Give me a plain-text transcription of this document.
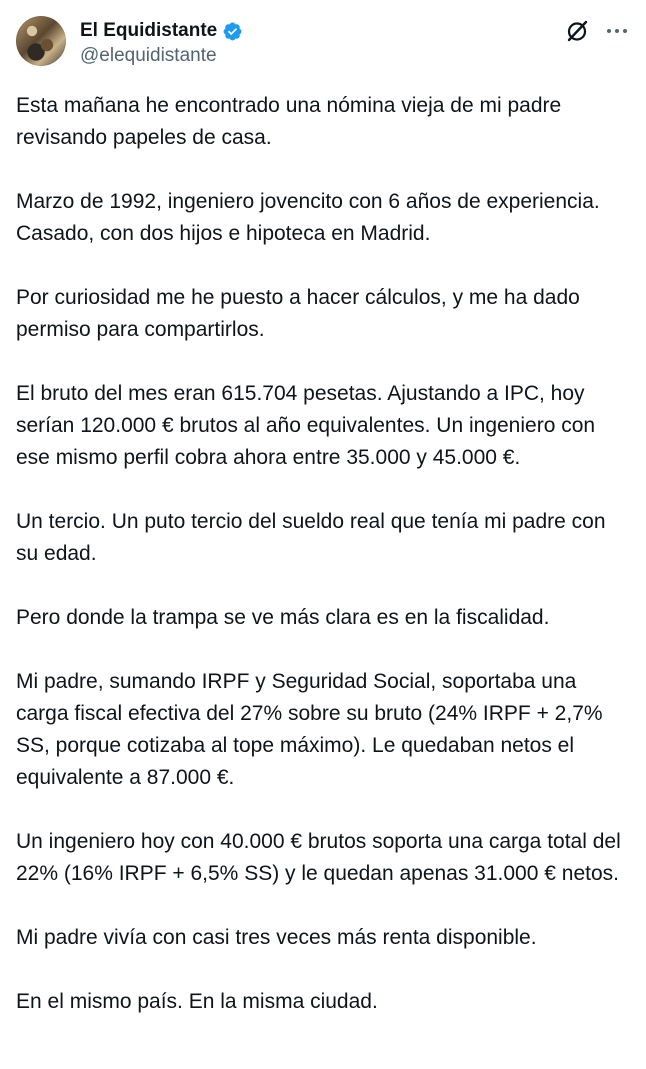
El Equidistante
@elequidistante

Esta mañana he encontrado una nómina vieja de mi padre revisando papeles de casa.

Marzo de 1992, ingeniero jovencito con 6 años de experiencia. Casado, con dos hijos e hipoteca en Madrid.

Por curiosidad me he puesto a hacer cálculos, y me ha dado permiso para compartirlos.

El bruto del mes eran 615.704 pesetas. Ajustando a IPC, hoy serían 120.000 € brutos al año equivalentes. Un ingeniero con ese mismo perfil cobra ahora entre 35.000 y 45.000 €.

Un tercio. Un puto tercio del sueldo real que tenía mi padre con su edad.

Pero donde la trampa se ve más clara es en la fiscalidad.

Mi padre, sumando IRPF y Seguridad Social, soportaba una carga fiscal efectiva del 27% sobre su bruto (24% IRPF + 2,7% SS, porque cotizaba al tope máximo). Le quedaban netos el equivalente a 87.000 €.

Un ingeniero hoy con 40.000 € brutos soporta una carga total del 22% (16% IRPF + 6,5% SS) y le quedan apenas 31.000 € netos.

Mi padre vivía con casi tres veces más renta disponible.

En el mismo país. En la misma ciudad.
